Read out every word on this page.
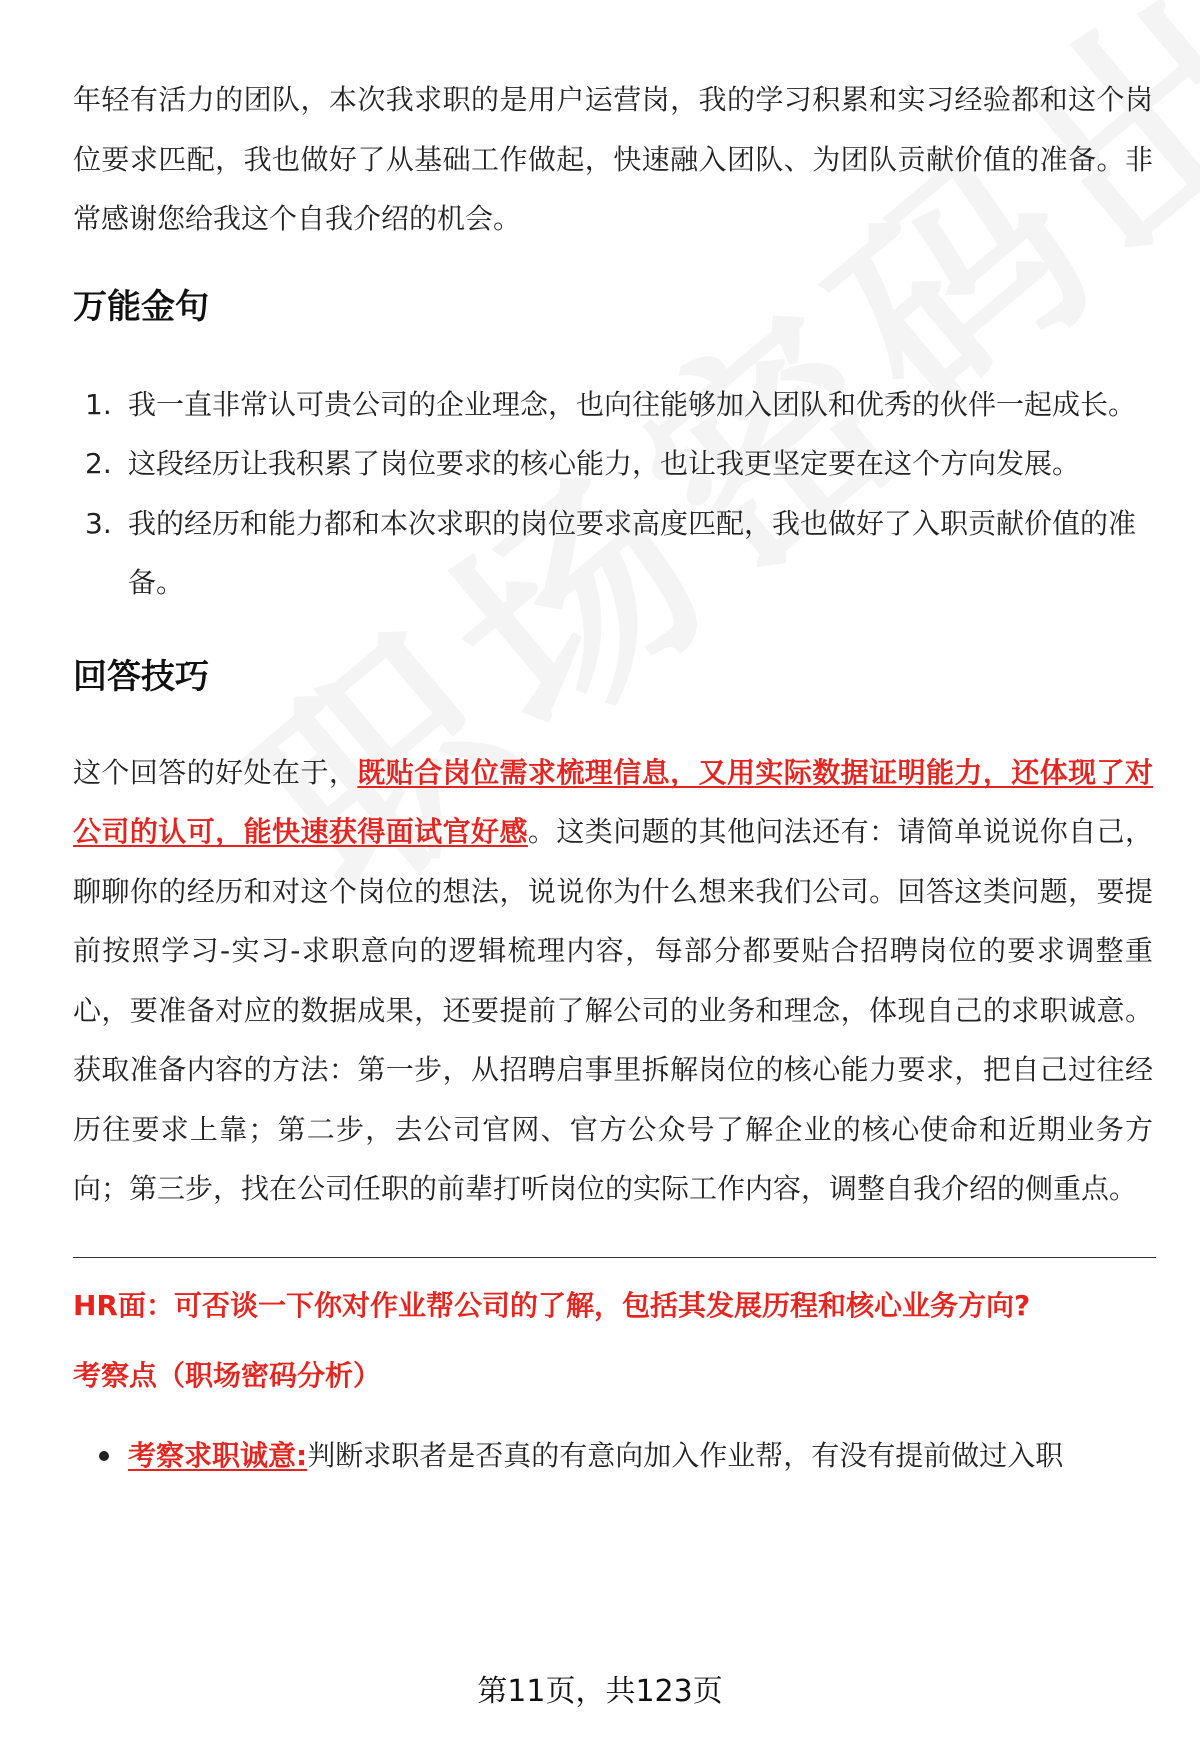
年轻有活力的团队，本次我求职的是用户运营岗，我的学习积累和实习经验都和这个岗位要求匹配，我也做好了从基础工作做起，快速融入团队、为团队贡献价值的准备。非常感谢您给我这个自我介绍的机会。

万能金句
1. 我一直非常认可贵公司的企业理念，也向往能够加入团队和优秀的伙伴一起成长。
2. 这段经历让我积累了岗位要求的核心能力，也让我更坚定要在这个方向发展。
3. 我的经历和能力都和本次求职的岗位要求高度匹配，我也做好了入职贡献价值的准备。
回答技巧

这个回答的好处在于，既贴合岗位需求梳理信息，又用实际数据证明能力，还体现了对公司的认可，能快速获得面试官好感。这类问题的其他问法还有：请简单说说你自己，聊聊你的经历和对这个岗位的想法，说说你为什么想来我们公司。回答这类问题，要提前按照学习-实习-求职意向的逻辑梳理内容，每部分都要贴合招聘岗位的要求调整重心，要准备对应的数据成果，还要提前了解公司的业务和理念，体现自己的求职诚意。获取准备内容的方法：第一步，从招聘启事里拆解岗位的核心能力要求，把自己过往经历往要求上靠；第二步，去公司官网、官方公众号了解企业的核心使命和近期业务方向；第三步，找在公司任职的前辈打听岗位的实际工作内容，调整自我介绍的侧重点。

HR面：可否谈一下你对作业帮公司的了解，包括其发展历程和核心业务方向?

考察点（职场密码分析）

考察求职诚意:判断求职者是否真的有意向加入作业帮，有没有提前做过入职
第11页，共123页
